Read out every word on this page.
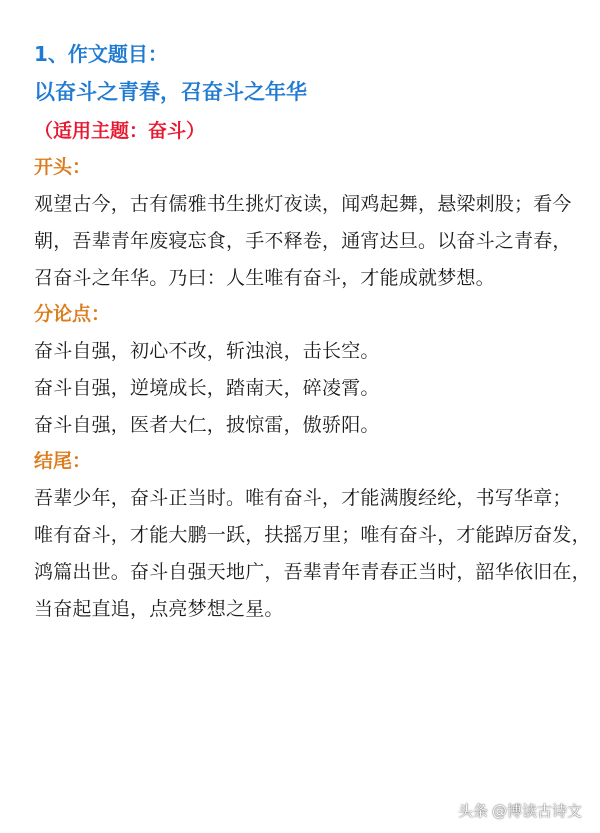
1、作文题目：
以奋斗之青春，召奋斗之年华
（适用主题：奋斗）
开头：
观望古今，古有儒雅书生挑灯夜读，闻鸡起舞，悬梁刺股；看今
朝，吾辈青年废寝忘食，手不释卷，通宵达旦。以奋斗之青春，
召奋斗之年华。乃曰：人生唯有奋斗，才能成就梦想。
分论点：
奋斗自强，初心不改，斩浊浪，击长空。
奋斗自强，逆境成长，踏南天，碎凌霄。
奋斗自强，医者大仁，披惊雷，傲骄阳。
结尾：
吾辈少年，奋斗正当时。唯有奋斗，才能满腹经纶，书写华章；
唯有奋斗，才能大鹏一跃，扶摇万里；唯有奋斗，才能踔厉奋发，
鸿篇出世。奋斗自强天地广，吾辈青年青春正当时，韶华依旧在，
当奋起直追，点亮梦想之星。
头条 @博读古诗文
